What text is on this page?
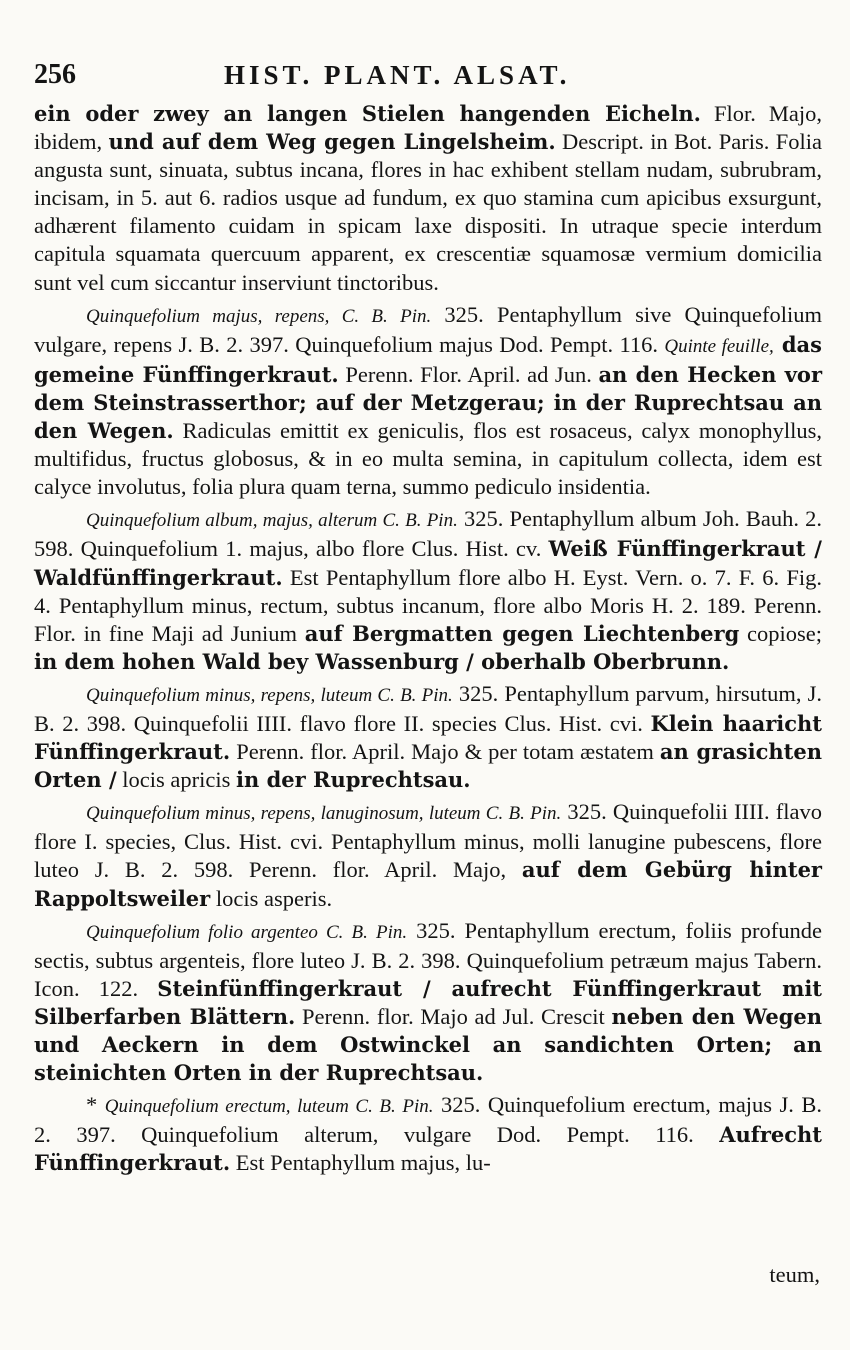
256	HIST. PLANT. ALSAT.

ein oder zwey an langen Stielen hangenden Eicheln. Flor. Majo, ibidem, und auf dem Weg gegen Lingelsheim. Descript. in Bot. Paris. Folia angusta sunt, sinuata, subtus incana, flores in hac exhibent stellam nudam, subrubram, incisam, in 5. aut 6. radios usque ad fundum, ex quo stamina cum apicibus exsurgunt, adhærent filamento cuidam in spicam laxe dispositi. In utraque specie interdum capitula squamata quercuum apparent, ex crescentiæ squamosæ vermium domicilia sunt vel cum siccantur inserviunt tinctoribus.

Quinquefolium majus, repens, C. B. Pin. 325. Pentaphyllum sive Quinquefolium vulgare, repens J. B. 2. 397. Quinquefolium majus Dod. Pempt. 116. Quinte feuille, das gemeine Fünffingerkraut. Perenn. Flor. April. ad Jun. an den Hecken vor dem Steinstrasserthor; auf der Metzgerau; in der Ruprechtsau an den Wegen. Radiculas emittit ex geniculis, flos est rosaceus, calyx monophyllus, multifidus, fructus globosus, & in eo multa semina, in capitulum collecta, idem est calyce involutus, folia plura quam terna, summo pediculo insidentia.

Quinquefolium album, majus, alterum C. B. Pin. 325. Pentaphyllum album Joh. Bauh. 2. 598. Quinquefolium 1. majus, albo flore Clus. Hist. cv. Weiß Fünffingerkraut / Waldfünffingerkraut. Est Pentaphyllum flore albo H. Eyst. Vern. o. 7. F. 6. Fig. 4. Pentaphyllum minus, rectum, subtus incanum, flore albo Moris H. 2. 189. Perenn. Flor. in fine Maji ad Junium auf Bergmatten gegen Liechtenberg copiose; in dem hohen Wald bey Wassenburg / oberhalb Oberbrunn.

Quinquefolium minus, repens, luteum C. B. Pin. 325. Pentaphyllum parvum, hirsutum, J. B. 2. 398. Quinquefolii IIII. flavo flore II. species Clus. Hist. cvi. Klein haaricht Fünffingerkraut. Perenn. flor. April. Majo & per totam æstatem an grasichten Orten / locis apricis in der Ruprechtsau.

Quinquefolium minus, repens, lanuginosum, luteum C. B. Pin. 325. Quinquefolii IIII. flavo flore I. species, Clus. Hist. cvi. Pentaphyllum minus, molli lanugine pubescens, flore luteo J. B. 2. 598. Perenn. flor. April. Majo, auf dem Gebürg hinter Rappoltsweiler locis asperis.

Quinquefolium folio argenteo C. B. Pin. 325. Pentaphyllum erectum, foliis profunde sectis, subtus argenteis, flore luteo J. B. 2. 398. Quinquefolium petræum majus Tabern. Icon. 122. Steinfünffingerkraut / aufrecht Fünffingerkraut mit Silberfarben Blättern. Perenn. flor. Majo ad Jul. Crescit neben den Wegen und Aeckern in dem Ostwinckel an sandichten Orten; an steinichten Orten in der Ruprechtsau.

* Quinquefolium erectum, luteum C. B. Pin. 325. Quinquefolium erectum, majus J. B. 2. 397. Quinquefolium alterum, vulgare Dod. Pempt. 116. Aufrecht Fünffingerkraut. Est Pentaphyllum majus, lu-

teum,
